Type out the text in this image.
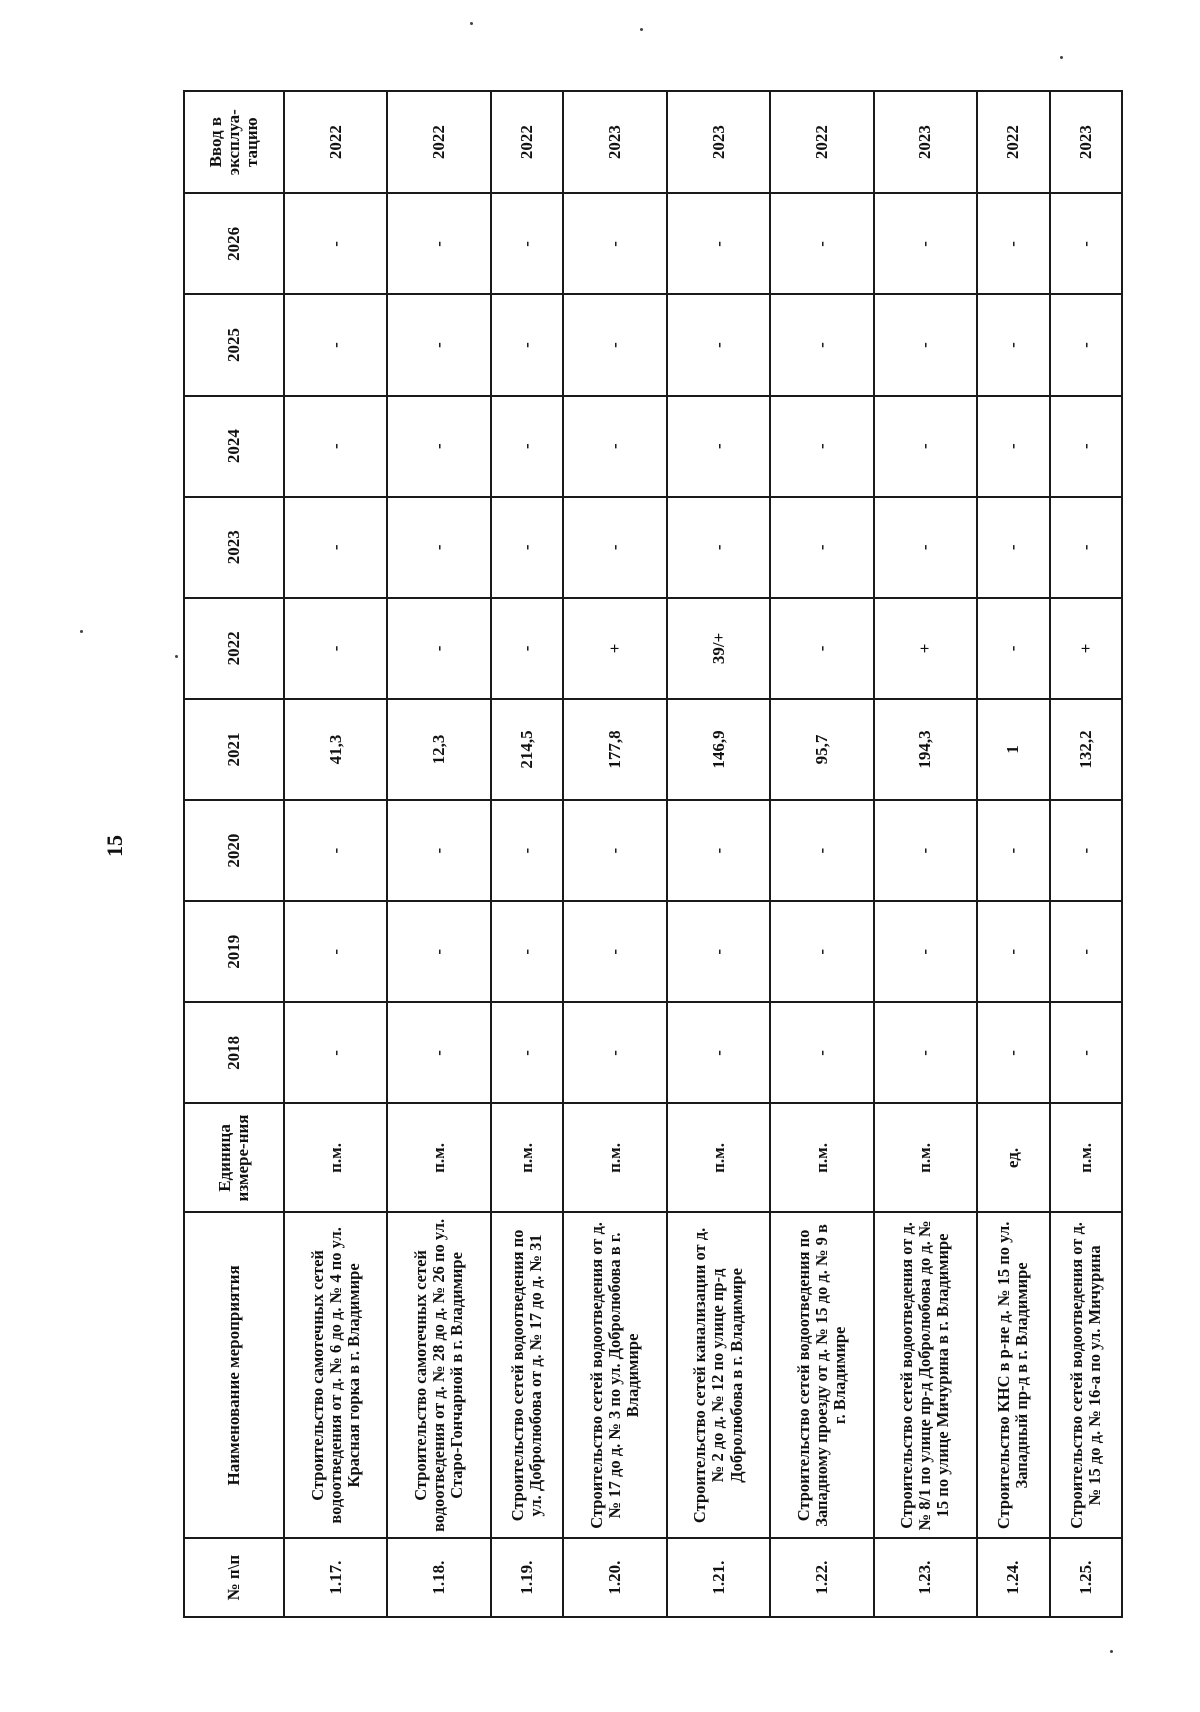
15
№ п\п	Наименование мероприятия	Единица измере-ния	2018	2019	2020	2021	2022	2023	2024	2025	2026	Ввод в эксплуа-тацию
1.17.	Строительство самотечных сетей водоотведения от д. № 6 до д. № 4 по ул. Красная горка в г. Владимире	п.м.	-	-	-	41,3	-	-	-	-	-	2022
1.18.	Строительство самотечных сетей водоотведения от д. № 28 до д. № 26 по ул. Старо-Гончарной в г. Владимире	п.м.	-	-	-	12,3	-	-	-	-	-	2022
1.19.	Строительство сетей водоотведения по ул. Добролюбова от д. № 17 до д. № 31	п.м.	-	-	-	214,5	-	-	-	-	-	2022
1.20.	Строительство сетей водоотведения от д. № 17 до д. № 3 по ул. Добролюбова в г. Владимире	п.м.	-	-	-	177,8	+	-	-	-	-	2023
1.21.	Строительство сетей канализации от д. № 2 до д. № 12 по улице пр-д Добролюбова в г. Владимире	п.м.	-	-	-	146,9	39/+	-	-	-	-	2023
1.22.	Строительство сетей водоотведения по Западному проезду от д. № 15 до д. № 9 в г. Владимире	п.м.	-	-	-	95,7	-	-	-	-	-	2022
1.23.	Строительство сетей водоотведения от д. № 8/1 по улице пр-д Добролюбова до д. № 15 по улице Мичурина в г. Владимире	п.м.	-	-	-	194,3	+	-	-	-	-	2023
1.24.	Строительство КНС в р-не д. № 15 по ул. Западный пр-д в г. Владимире	ед.	-	-	-	1	-	-	-	-	-	2022
1.25.	Строительство сетей водоотведения от д. № 15 до д. № 16-а по ул. Мичурина	п.м.	-	-	-	132,2	+	-	-	-	-	2023
